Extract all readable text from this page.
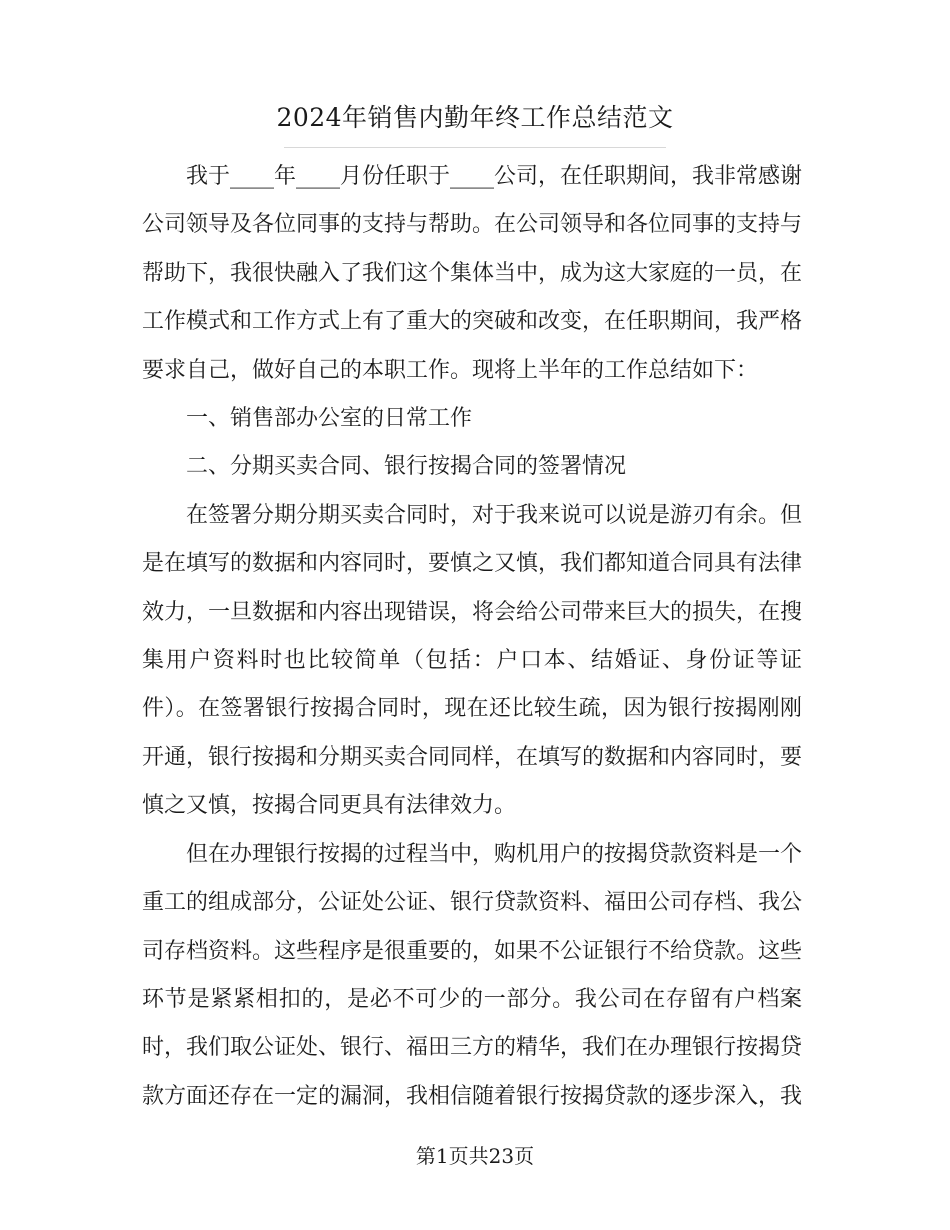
2024年销售内勤年终工作总结范文

我于____年____月份任职于____公司，在任职期间，我非常感谢公司领导及各位同事的支持与帮助。在公司领导和各位同事的支持与帮助下，我很快融入了我们这个集体当中，成为这大家庭的一员，在工作模式和工作方式上有了重大的突破和改变，在任职期间，我严格要求自己，做好自己的本职工作。现将上半年的工作总结如下：

一、销售部办公室的日常工作

二、分期买卖合同、银行按揭合同的签署情况

在签署分期分期买卖合同时，对于我来说可以说是游刃有余。但是在填写的数据和内容同时，要慎之又慎，我们都知道合同具有法律效力，一旦数据和内容出现错误，将会给公司带来巨大的损失，在搜集用户资料时也比较简单（包括：户口本、结婚证、身份证等证件）。在签署银行按揭合同时，现在还比较生疏，因为银行按揭刚刚开通，银行按揭和分期买卖合同同样，在填写的数据和内容同时，要慎之又慎，按揭合同更具有法律效力。

但在办理银行按揭的过程当中，购机用户的按揭贷款资料是一个重工的组成部分，公证处公证、银行贷款资料、福田公司存档、我公司存档资料。这些程序是很重要的，如果不公证银行不给贷款。这些环节是紧紧相扣的，是必不可少的一部分。我公司在存留有户档案时，我们取公证处、银行、福田三方的精华，我们在办理银行按揭贷款方面还存在一定的漏洞，我相信随着银行按揭贷款的逐步深入，我

第1页共23页
